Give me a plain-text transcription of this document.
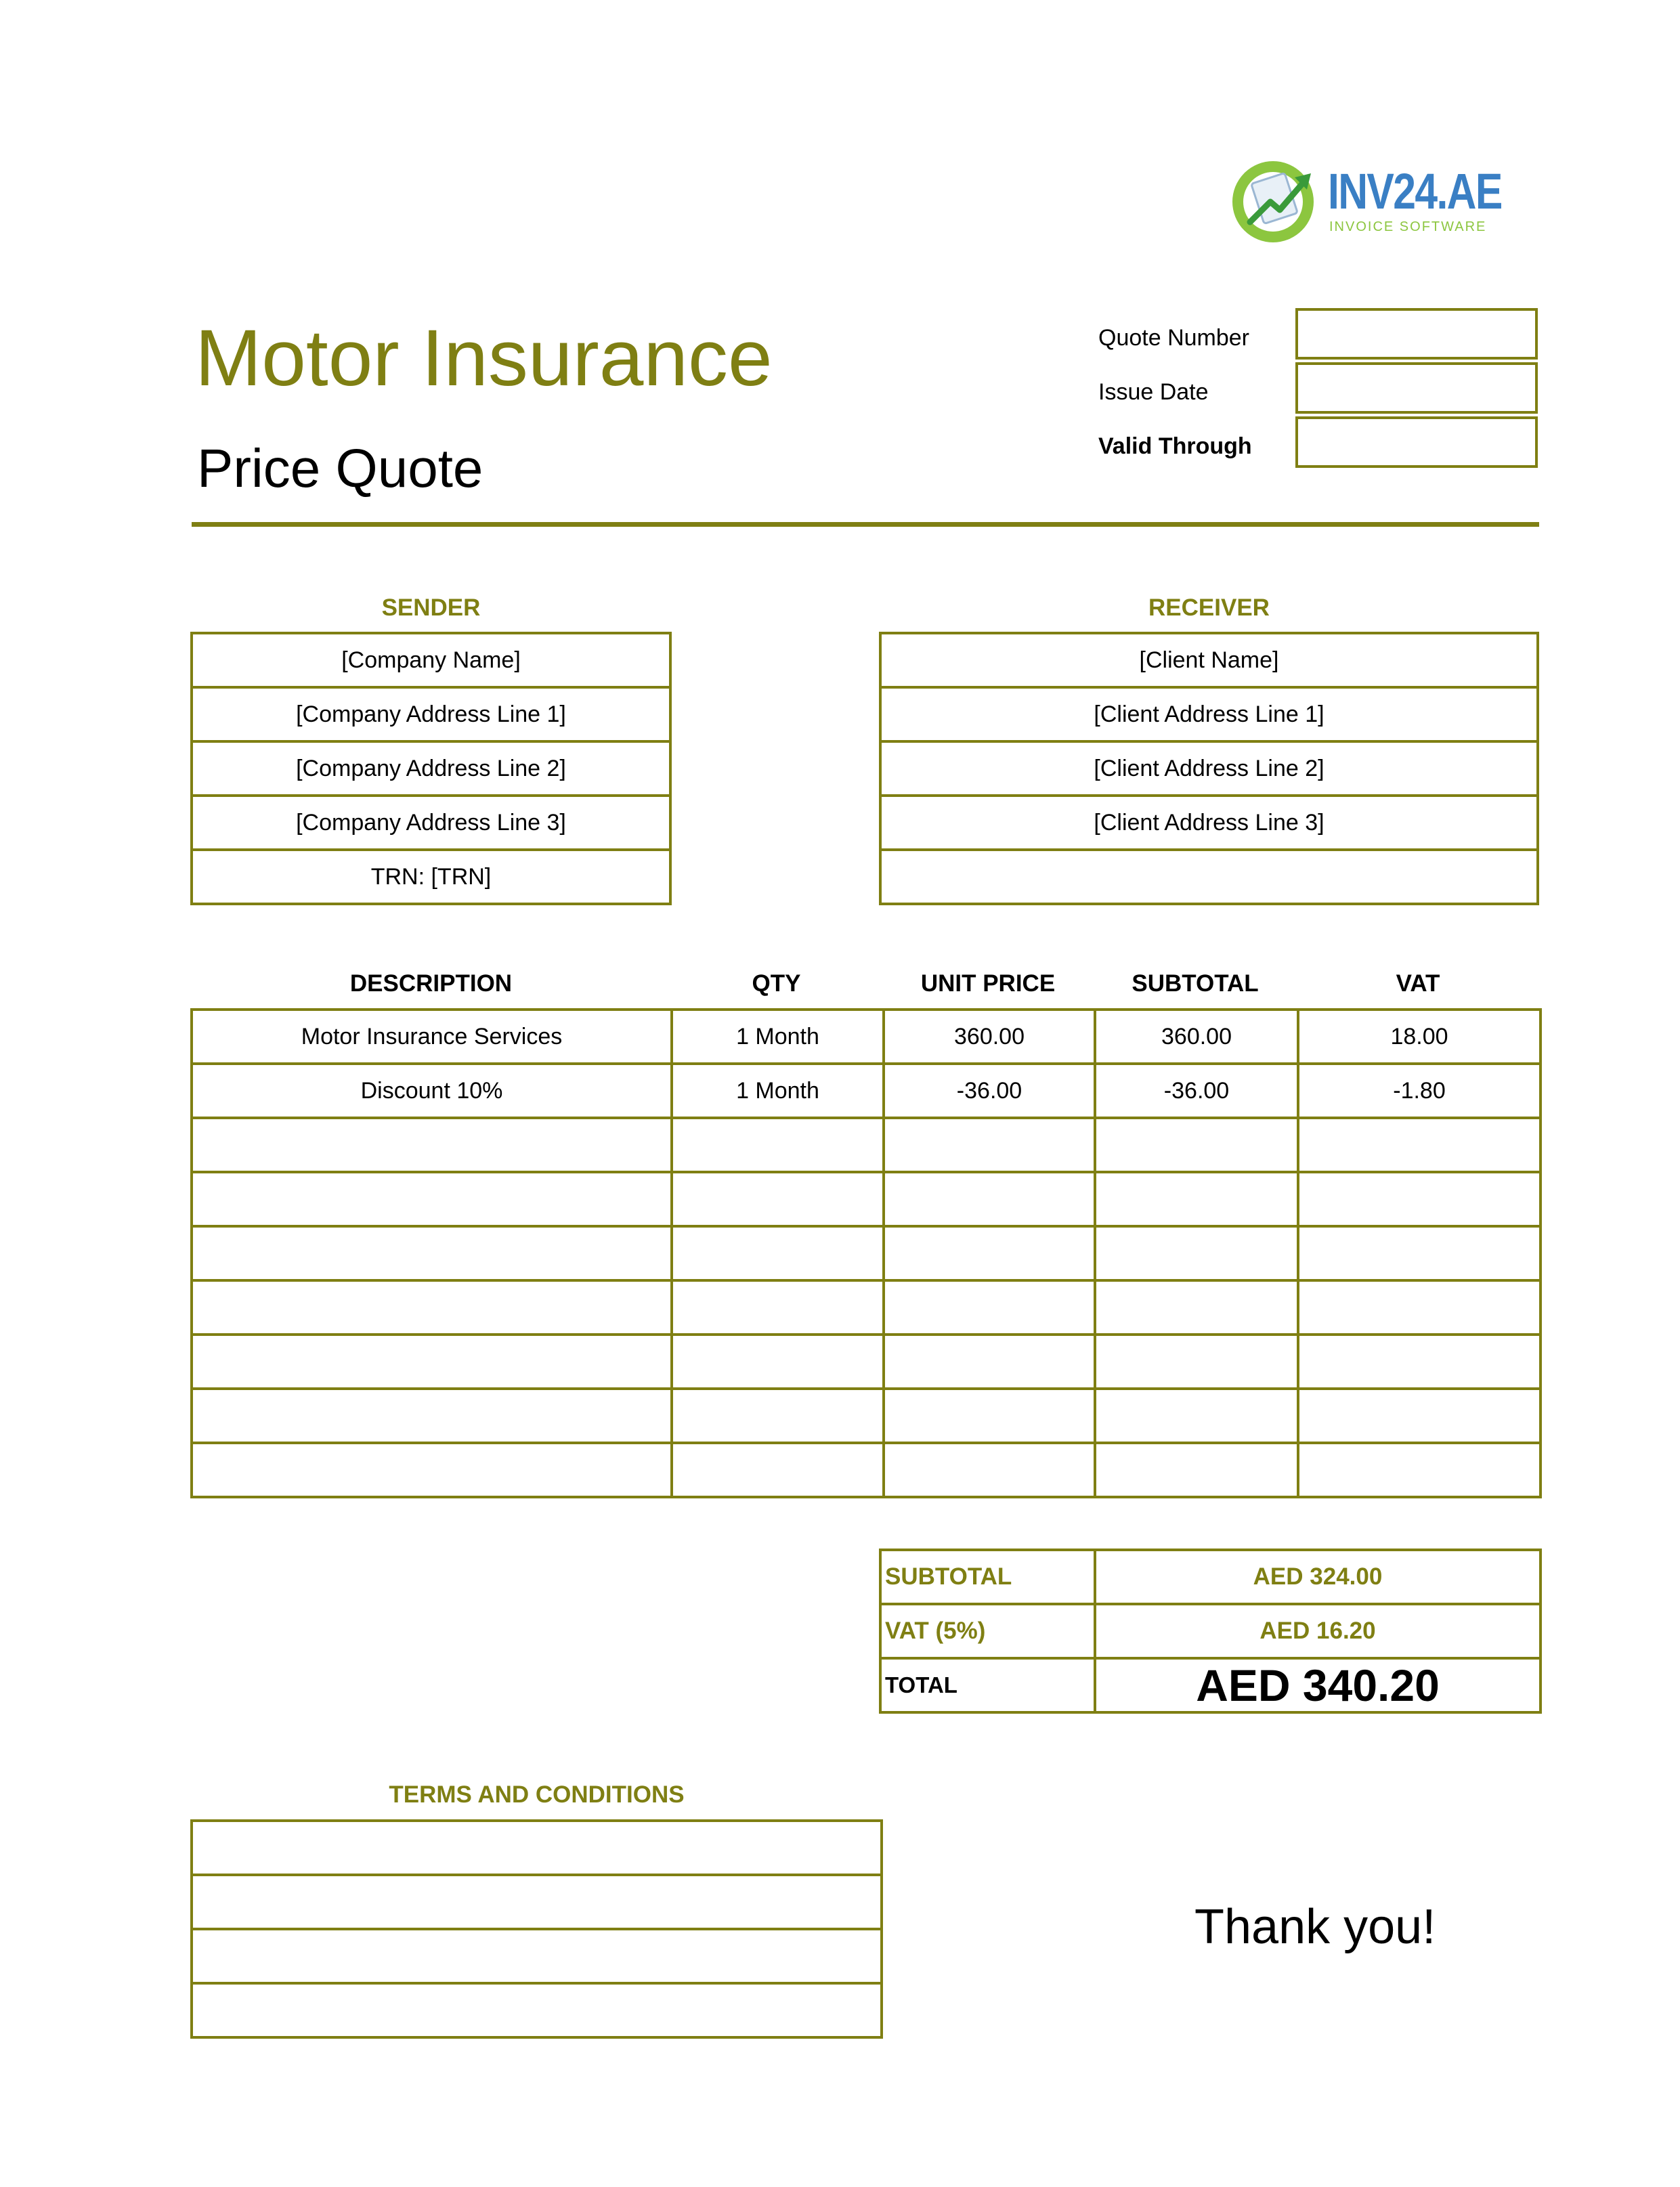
INV24.AE
INVOICE SOFTWARE
Motor Insurance
Price Quote
Quote Number
Issue Date
Valid Through
SENDER	RECEIVER
[Company Name]
[Company Address Line 1]
[Company Address Line 2]
[Company Address Line 3]
TRN: [TRN]
[Client Name]
[Client Address Line 1]
[Client Address Line 2]
[Client Address Line 3]

DESCRIPTION	QTY	UNIT PRICE	SUBTOTAL	VAT
Motor Insurance Services	1 Month	360.00	360.00	18.00
Discount 10%	1 Month	-36.00	-36.00	-1.80

SUBTOTAL	AED 324.00
VAT (5%)	AED 16.20
TOTAL	AED 340.20
TERMS AND CONDITIONS

Thank you!
